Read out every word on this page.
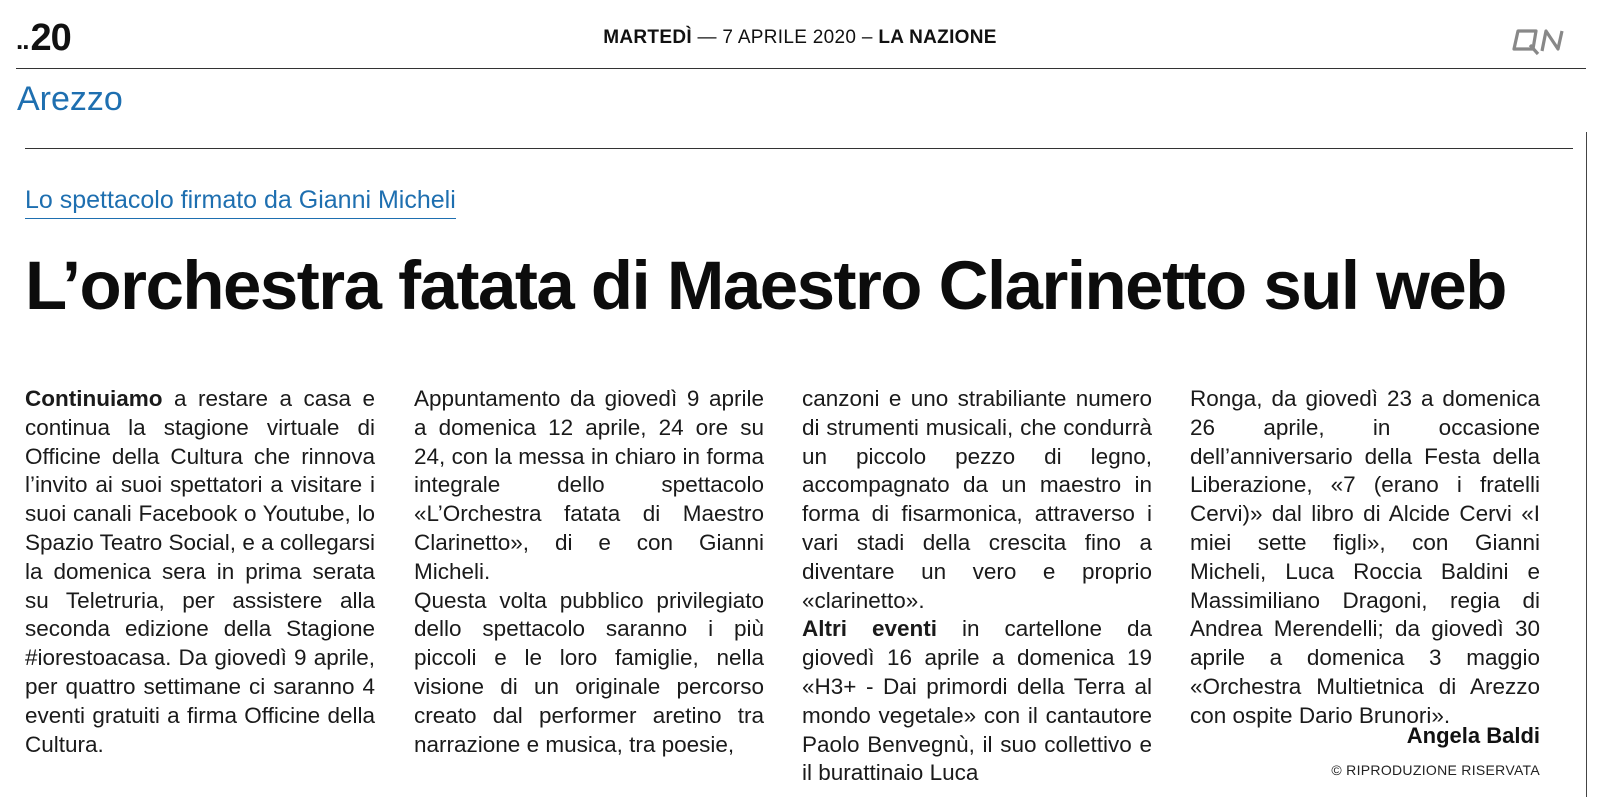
..20	MARTEDÌ — 7 APRILE 2020 – LA NAZIONE
Arezzo
Lo spettacolo firmato da Gianni Micheli
L’orchestra fatata di Maestro Clarinetto sul web

Continuiamo a restare a casa e continua la stagione virtuale di Officine della Cultura che rinnova l’invito ai suoi spettatori a visitare i suoi canali Facebook o Youtube, lo Spazio Teatro Social, e a collegarsi la domenica sera in prima serata su Teletruria, per assistere alla seconda edizione della Stagione #iorestoacasa. Da giovedì 9 aprile, per quattro settimane ci saranno 4 eventi gratuiti a firma Officine della Cultura.

Appuntamento da giovedì 9 aprile a domenica 12 aprile, 24 ore su 24, con la messa in chiaro in forma integrale dello spettacolo «L’Orchestra fatata di Maestro Clarinetto», di e con Gianni Micheli.

Questa volta pubblico privilegiato dello spettacolo saranno i più piccoli e le loro famiglie, nella visione di un originale percorso creato dal performer aretino tra narrazione e musica, tra poesie,

canzoni e uno strabiliante numero di strumenti musicali, che condurrà un piccolo pezzo di legno, accompagnato da un maestro in forma di fisarmonica, attraverso i vari stadi della crescita fino a diventare un vero e proprio «clarinetto».

Altri eventi in cartellone da giovedì 16 aprile a domenica 19 «H3+ - Dai primordi della Terra al mondo vegetale» con il cantautore Paolo Benvegnù, il suo collettivo e il burattinaio Luca

Ronga, da giovedì 23 a domenica 26 aprile, in occasione dell’anniversario della Festa della Liberazione, «7 (erano i fratelli Cervi)» dal libro di Alcide Cervi «I miei sette figli», con Gianni Micheli, Luca Roccia Baldini e Massimiliano Dragoni, regia di Andrea Merendelli; da giovedì 30 aprile a domenica 3 maggio «Orchestra Multietnica di Arezzo con ospite Dario Brunori».

Angela Baldi
© RIPRODUZIONE RISERVATA
